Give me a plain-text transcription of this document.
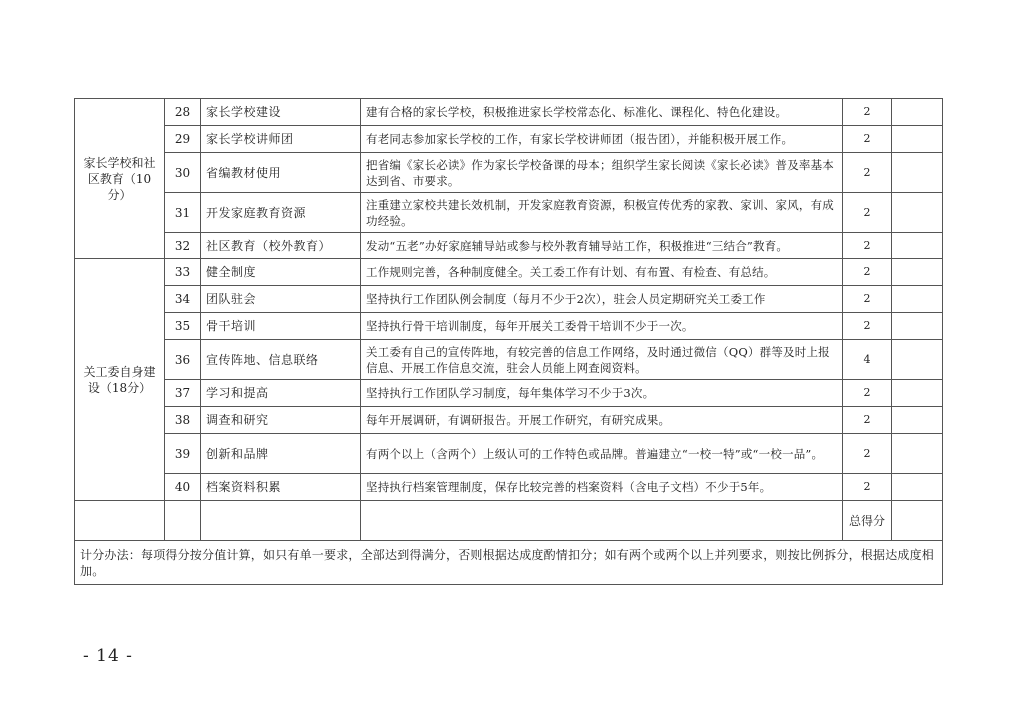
家长学校和社区教育（10分）	28	家长学校建设	建有合格的家长学校，积极推进家长学校常态化、标准化、课程化、特色化建设。	2	
	29	家长学校讲师团	有老同志参加家长学校的工作，有家长学校讲师团（报告团），并能积极开展工作。	2	
	30	省编教材使用	把省编《家长必读》作为家长学校备课的母本；组织学生家长阅读《家长必读》普及率基本达到省、市要求。	2	
	31	开发家庭教育资源	注重建立家校共建长效机制，开发家庭教育资源，积极宣传优秀的家教、家训、家风，有成功经验。	2	
	32	社区教育（校外教育）	发动“五老”办好家庭辅导站或参与校外教育辅导站工作，积极推进“三结合”教育。	2	
关工委自身建设（18分）	33	健全制度	工作规则完善，各种制度健全。关工委工作有计划、有布置、有检查、有总结。	2	
	34	团队驻会	坚持执行工作团队例会制度（每月不少于2次），驻会人员定期研究关工委工作	2	
	35	骨干培训	坚持执行骨干培训制度，每年开展关工委骨干培训不少于一次。	2	
	36	宣传阵地、信息联络	关工委有自己的宣传阵地，有较完善的信息工作网络，及时通过微信（QQ）群等及时上报信息、开展工作信息交流，驻会人员能上网查阅资料。	4	
	37	学习和提高	坚持执行工作团队学习制度，每年集体学习不少于3次。	2	
	38	调查和研究	每年开展调研，有调研报告。开展工作研究，有研究成果。	2	
	39	创新和品牌	有两个以上（含两个）上级认可的工作特色或品牌。普遍建立“一校一特”或“一校一品”。	2	
	40	档案资料积累	坚持执行档案管理制度，保存比较完善的档案资料（含电子文档）不少于5年。	2	
				总得分	
计分办法：每项得分按分值计算，如只有单一要求，全部达到得满分，否则根据达成度酌情扣分；如有两个或两个以上并列要求，则按比例拆分，根据达成度相加。					
- 14 -
